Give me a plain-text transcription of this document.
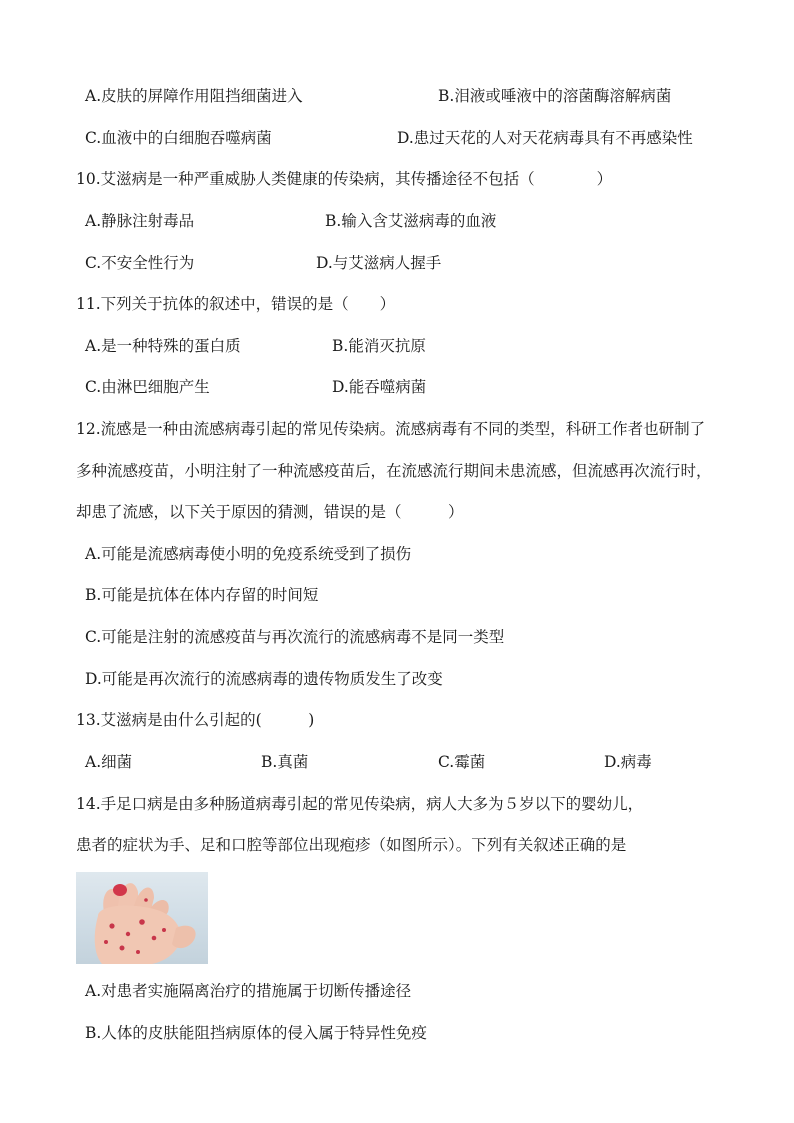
A.皮肤的屏障作用阻挡细菌进入	B.泪液或唾液中的溶菌酶溶解病菌
C.血液中的白细胞吞噬病菌	D.患过天花的人对天花病毒具有不再感染性
10.艾滋病是一种严重威胁人类健康的传染病，其传播途径不包括（　　　　）
A.静脉注射毒品	B.输入含艾滋病毒的血液
C.不安全性行为	D.与艾滋病人握手
11.下列关于抗体的叙述中，错误的是（　　）
A.是一种特殊的蛋白质	B.能消灭抗原
C.由淋巴细胞产生	D.能吞噬病菌
12.流感是一种由流感病毒引起的常见传染病。流感病毒有不同的类型，科研工作者也研制了
多种流感疫苗，小明注射了一种流感疫苗后，在流感流行期间未患流感，但流感再次流行时，
却患了流感，以下关于原因的猜测，错误的是（　　　）
A.可能是流感病毒使小明的免疫系统受到了损伤
B.可能是抗体在体内存留的时间短
C.可能是注射的流感疫苗与再次流行的流感病毒不是同一类型
D.可能是再次流行的流感病毒的遗传物质发生了改变
13.艾滋病是由什么引起的(　　　)
A.细菌	B.真菌	C.霉菌	D.病毒
14.手足口病是由多种肠道病毒引起的常见传染病，病人大多为５岁以下的婴幼儿，
患者的症状为手、足和口腔等部位出现疱疹（如图所示）。下列有关叙述正确的是
A.对患者实施隔离治疗的措施属于切断传播途径
B.人体的皮肤能阻挡病原体的侵入属于特异性免疫
